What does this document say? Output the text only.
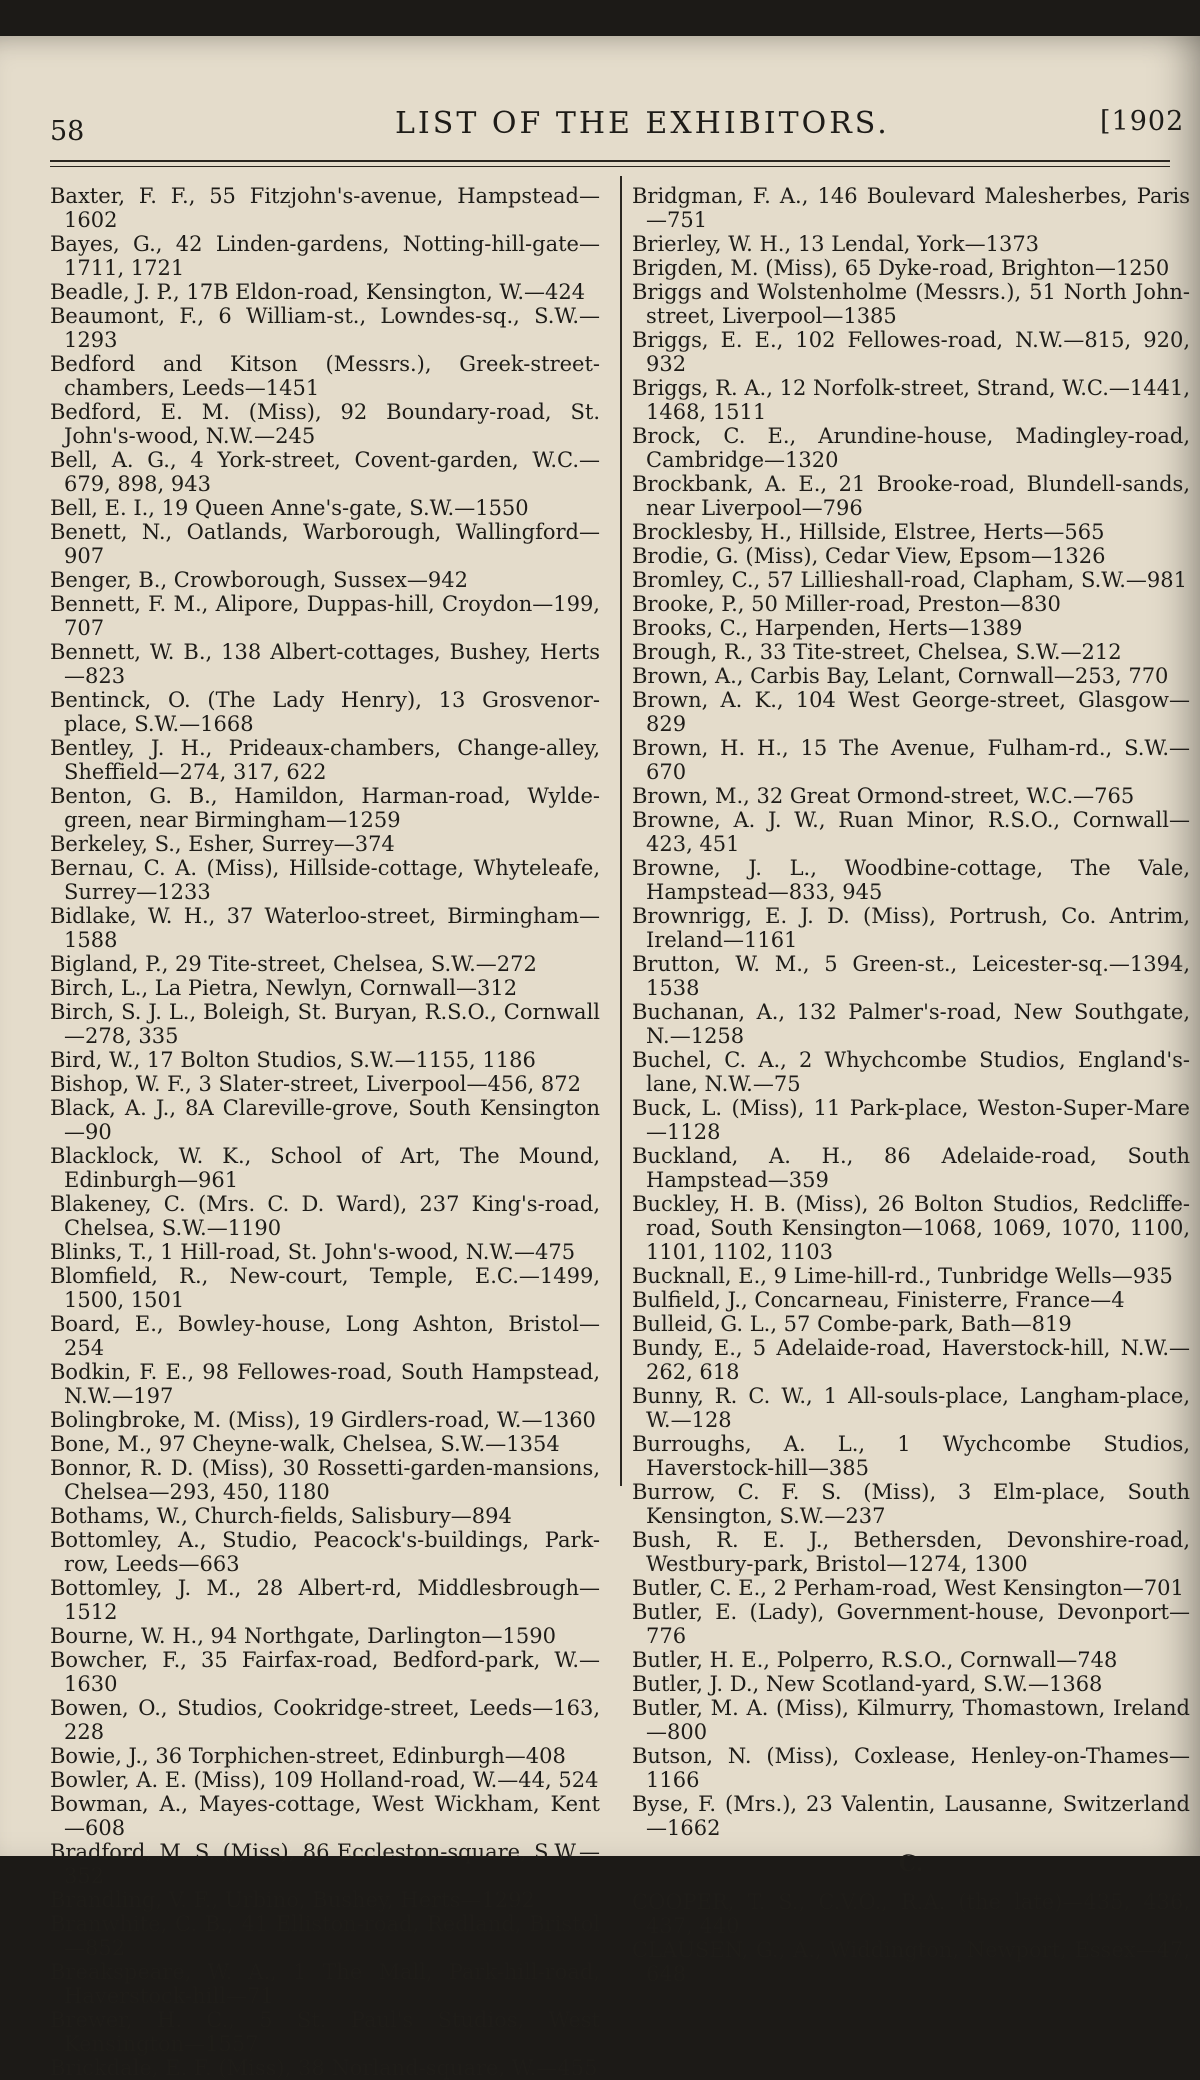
58	LIST OF THE EXHIBITORS.	[1902

Baxter, F. F., 55 Fitzjohn's-avenue, Hampstead—1602

Bayes, G., 42 Linden-gardens, Notting-hill-gate—1711, 1721

Beadle, J. P., 17B Eldon-road, Kensington, W.—424

Beaumont, F., 6 William-st., Lowndes-sq., S.W.—1293

Bedford and Kitson (Messrs.), Greek-street-chambers, Leeds—1451

Bedford, E. M. (Miss), 92 Boundary-road, St. John's-wood, N.W.—245

Bell, A. G., 4 York-street, Covent-garden, W.C.—679, 898, 943

Bell, E. I., 19 Queen Anne's-gate, S.W.—1550

Benett, N., Oatlands, Warborough, Wallingford—907

Benger, B., Crowborough, Sussex—942

Bennett, F. M., Alipore, Duppas-hill, Croydon—199, 707

Bennett, W. B., 138 Albert-cottages, Bushey, Herts—823

Bentinck, O. (The Lady Henry), 13 Grosvenor-place, S.W.—1668

Bentley, J. H., Prideaux-chambers, Change-alley, Sheffield—274, 317, 622

Benton, G. B., Hamildon, Harman-road, Wylde-green, near Birmingham—1259

Berkeley, S., Esher, Surrey—374

Bernau, C. A. (Miss), Hillside-cottage, Whyteleafe, Surrey—1233

Bidlake, W. H., 37 Waterloo-street, Birmingham—1588

Bigland, P., 29 Tite-street, Chelsea, S.W.—272

Birch, L., La Pietra, Newlyn, Cornwall—312

Birch, S. J. L., Boleigh, St. Buryan, R.S.O., Cornwall—278, 335

Bird, W., 17 Bolton Studios, S.W.—1155, 1186

Bishop, W. F., 3 Slater-street, Liverpool—456, 872

Black, A. J., 8A Clareville-grove, South Kensington—90

Blacklock, W. K., School of Art, The Mound, Edinburgh—961

Blakeney, C. (Mrs. C. D. Ward), 237 King's-road, Chelsea, S.W.—1190

Blinks, T., 1 Hill-road, St. John's-wood, N.W.—475

Blomfield, R., New-court, Temple, E.C.—1499, 1500, 1501

Board, E., Bowley-house, Long Ashton, Bristol—254

Bodkin, F. E., 98 Fellowes-road, South Hampstead, N.W.—197

Bolingbroke, M. (Miss), 19 Girdlers-road, W.—1360

Bone, M., 97 Cheyne-walk, Chelsea, S.W.—1354

Bonnor, R. D. (Miss), 30 Rossetti-garden-mansions, Chelsea—293, 450, 1180

Bothams, W., Church-fields, Salisbury—894

Bottomley, A., Studio, Peacock's-buildings, Park-row, Leeds—663

Bottomley, J. M., 28 Albert-rd, Middlesbrough—1512

Bourne, W. H., 94 Northgate, Darlington—1590

Bowcher, F., 35 Fairfax-road, Bedford-park, W.—1630

Bowen, O., Studios, Cookridge-street, Leeds—163, 228

Bowie, J., 36 Torphichen-street, Edinburgh—408

Bowler, A. E. (Miss), 109 Holland-road, W.—44, 524

Bowman, A., Mayes-cottage, West Wickham, Kent—608

Bradford, M. S. (Miss), 86 Eccleston-square, S.W.—352

Brandling, V. F., Urbino, Bushey, Herts—1292

Branwhite, C. B., 41 Elliston-road, Redland, Bristol—852

Breakspeare, W. A., 1 The Mall, Park-hill-road, Haverstock-hill—71

Brewer, H. C., 5 St. Paul's Studios, West Kensington—1557

Brickdale, E. F. (Miss), 38 Norland-square, W.—455

Bridgman, F. A., 146 Boulevard Malesherbes, Paris—751

Brierley, W. H., 13 Lendal, York—1373

Brigden, M. (Miss), 65 Dyke-road, Brighton—1250

Briggs and Wolstenholme (Messrs.), 51 North John-street, Liverpool—1385

Briggs, E. E., 102 Fellowes-road, N.W.—815, 920, 932

Briggs, R. A., 12 Norfolk-street, Strand, W.C.—1441, 1468, 1511

Brock, C. E., Arundine-house, Madingley-road, Cambridge—1320

Brockbank, A. E., 21 Brooke-road, Blundell-sands, near Liverpool—796

Brocklesby, H., Hillside, Elstree, Herts—565

Brodie, G. (Miss), Cedar View, Epsom—1326

Bromley, C., 57 Lillieshall-road, Clapham, S.W.—981

Brooke, P., 50 Miller-road, Preston—830

Brooks, C., Harpenden, Herts—1389

Brough, R., 33 Tite-street, Chelsea, S.W.—212

Brown, A., Carbis Bay, Lelant, Cornwall—253, 770

Brown, A. K., 104 West George-street, Glasgow—829

Brown, H. H., 15 The Avenue, Fulham-rd., S.W.—670

Brown, M., 32 Great Ormond-street, W.C.—765

Browne, A. J. W., Ruan Minor, R.S.O., Cornwall—423, 451

Browne, J. L., Woodbine-cottage, The Vale, Hampstead—833, 945

Brownrigg, E. J. D. (Miss), Portrush, Co. Antrim, Ireland—1161

Brutton, W. M., 5 Green-st., Leicester-sq.—1394, 1538

Buchanan, A., 132 Palmer's-road, New Southgate, N.—1258

Buchel, C. A., 2 Whychcombe Studios, England's-lane, N.W.—75

Buck, L. (Miss), 11 Park-place, Weston-Super-Mare—1128

Buckland, A. H., 86 Adelaide-road, South Hampstead—359

Buckley, H. B. (Miss), 26 Bolton Studios, Redcliffe-road, South Kensington—1068, 1069, 1070, 1100, 1101, 1102, 1103

Bucknall, E., 9 Lime-hill-rd., Tunbridge Wells—935

Bulfield, J., Concarneau, Finisterre, France—4

Bulleid, G. L., 57 Combe-park, Bath—819

Bundy, E., 5 Adelaide-road, Haverstock-hill, N.W.—262, 618

Bunny, R. C. W., 1 All-souls-place, Langham-place, W.—128

Burroughs, A. L., 1 Wychcombe Studios, Haverstock-hill—385

Burrow, C. F. S. (Miss), 3 Elm-place, South Kensington, S.W.—237

Bush, R. E. J., Bethersden, Devonshire-road, Westbury-park, Bristol—1274, 1300

Butler, C. E., 2 Perham-road, West Kensington—701

Butler, E. (Lady), Government-house, Devonport—776

Butler, H. E., Polperro, R.S.O., Cornwall—748

Butler, J. D., New Scotland-yard, S.W.—1368

Butler, M. A. (Miss), Kilmurry, Thomastown, Ireland—800

Butson, N. (Miss), Coxlease, Henley-on-Thames—1166

Byse, F. (Mrs.), 23 Valentin, Lausanne, Switzerland—1662

C.

COOPER, T. S., C.V.O., R.A. (the late)—435, 436, 437, 440

CLAUSEN, G., A., Widdington, Newport, Essex—47, 648
